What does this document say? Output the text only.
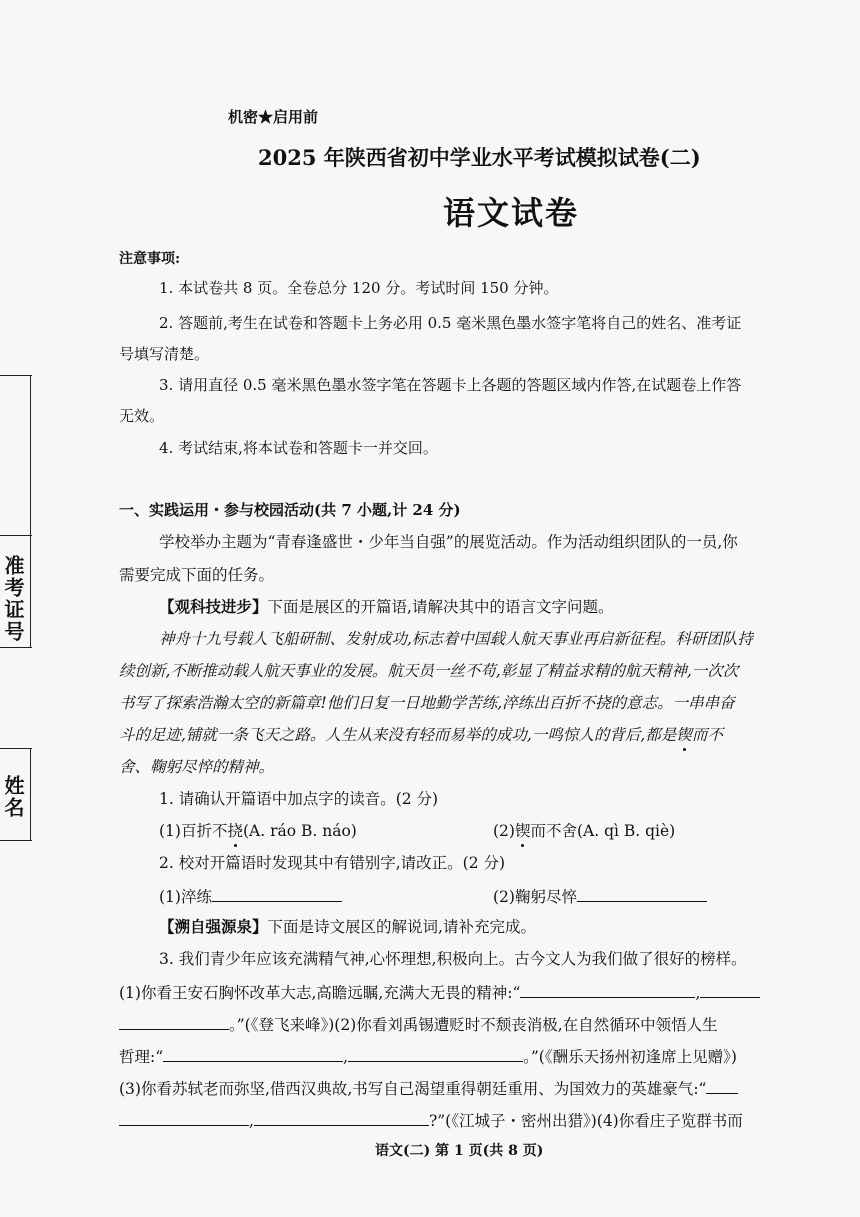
准考证号
姓名
机密★启用前
2025 年陕西省初中学业水平考试模拟试卷(二)
语文试卷
注意事项:
1. 本试卷共 8 页。全卷总分 120 分。考试时间 150 分钟。
2. 答题前,考生在试卷和答题卡上务必用 0.5 毫米黑色墨水签字笔将自己的姓名、准考证
号填写清楚。
3. 请用直径 0.5 毫米黑色墨水签字笔在答题卡上各题的答题区域内作答,在试题卷上作答
无效。
4. 考试结束,将本试卷和答题卡一并交回。
一、实践运用・参与校园活动(共 7 小题,计 24 分)
学校举办主题为“青春逢盛世・少年当自强”的展览活动。作为活动组织团队的一员,你
需要完成下面的任务。
【观科技进步】下面是展区的开篇语,请解决其中的语言文字问题。
神舟十九号载人飞船研制、发射成功,标志着中国载人航天事业再启新征程。科研团队持
续创新,不断推动载人航天事业的发展。航天员一丝不苟,彰显了精益求精的航天精神,一次次
书写了探索浩瀚太空的新篇章!他们日复一日地勤学苦练,淬练出百折不挠的意志。一串串奋
斗的足迹,铺就一条飞天之路。人生从来没有轻而易举的成功,一鸣惊人的背后,都是锲而不
舍、鞠躬尽悴的精神。
1. 请确认开篇语中加点字的读音。(2 分)
(1)百折不挠(A. ráo B. náo)	(2)锲而不舍(A. qì B. qiè)
2. 校对开篇语时发现其中有错别字,请改正。(2 分)
(1)淬练	(2)鞠躬尽悴
【溯自强源泉】下面是诗文展区的解说词,请补充完成。
3. 我们青少年应该充满精气神,心怀理想,积极向上。古今文人为我们做了很好的榜样。
(1)你看王安石胸怀改革大志,高瞻远瞩,充满大无畏的精神:“	,
。”(《登飞来峰》)(2)你看刘禹锡遭贬时不颓丧消极,在自然循环中领悟人生
哲理:“	,	。”(《酬乐天扬州初逢席上见赠》)
(3)你看苏轼老而弥坚,借西汉典故,书写自己渴望重得朝廷重用、为国效力的英雄豪气:“
,	?”(《江城子・密州出猎》)(4)你看庄子览群书而
语文(二) 第 1 页(共 8 页)
